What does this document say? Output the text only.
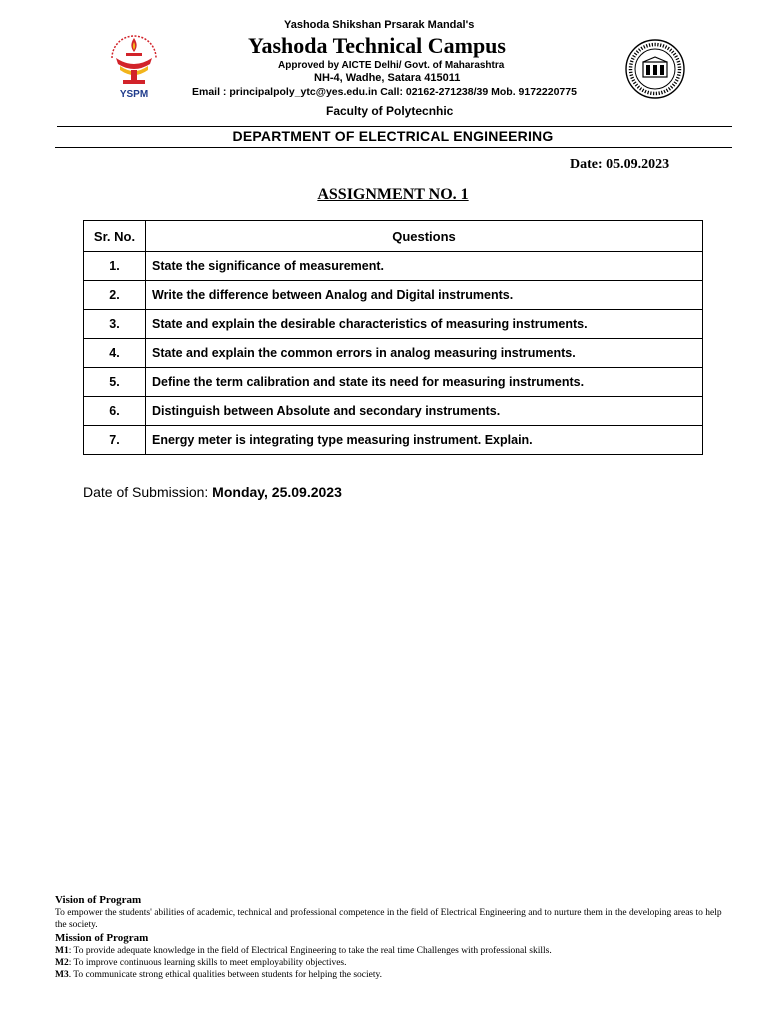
YSPM
Yashoda Shikshan Prsarak Mandal's
Yashoda Technical Campus
Approved by AICTE Delhi/ Govt. of Maharashtra
NH-4, Wadhe, Satara 415011
Email : principalpoly_ytc@yes.edu.in Call: 02162-271238/39 Mob. 9172220775
Faculty of Polytecnhic
DEPARTMENT OF ELECTRICAL ENGINEERING
Date: 05.09.2023
ASSIGNMENT NO. 1
Sr. No.	Questions
1.	State the significance of measurement.
2.	Write the difference between Analog and Digital instruments.
3.	State and explain the desirable characteristics of measuring instruments.
4.	State and explain the common errors in analog measuring instruments.
5.	Define the term calibration and state its need for measuring instruments.
6.	Distinguish between Absolute and secondary instruments.
7.	Energy meter is integrating type measuring instrument. Explain.
Date of Submission: Monday, 25.09.2023
Vision of Program
To empower the students' abilities of academic, technical and professional competence in the field of Electrical Engineering and to nurture them in the developing areas to help the society.
Mission of Program
M1: To provide adequate knowledge in the field of Electrical Engineering to take the real time Challenges with professional skills.
M2: To improve continuous learning skills to meet employability objectives.
M3. To communicate strong ethical qualities between students for helping the society.
